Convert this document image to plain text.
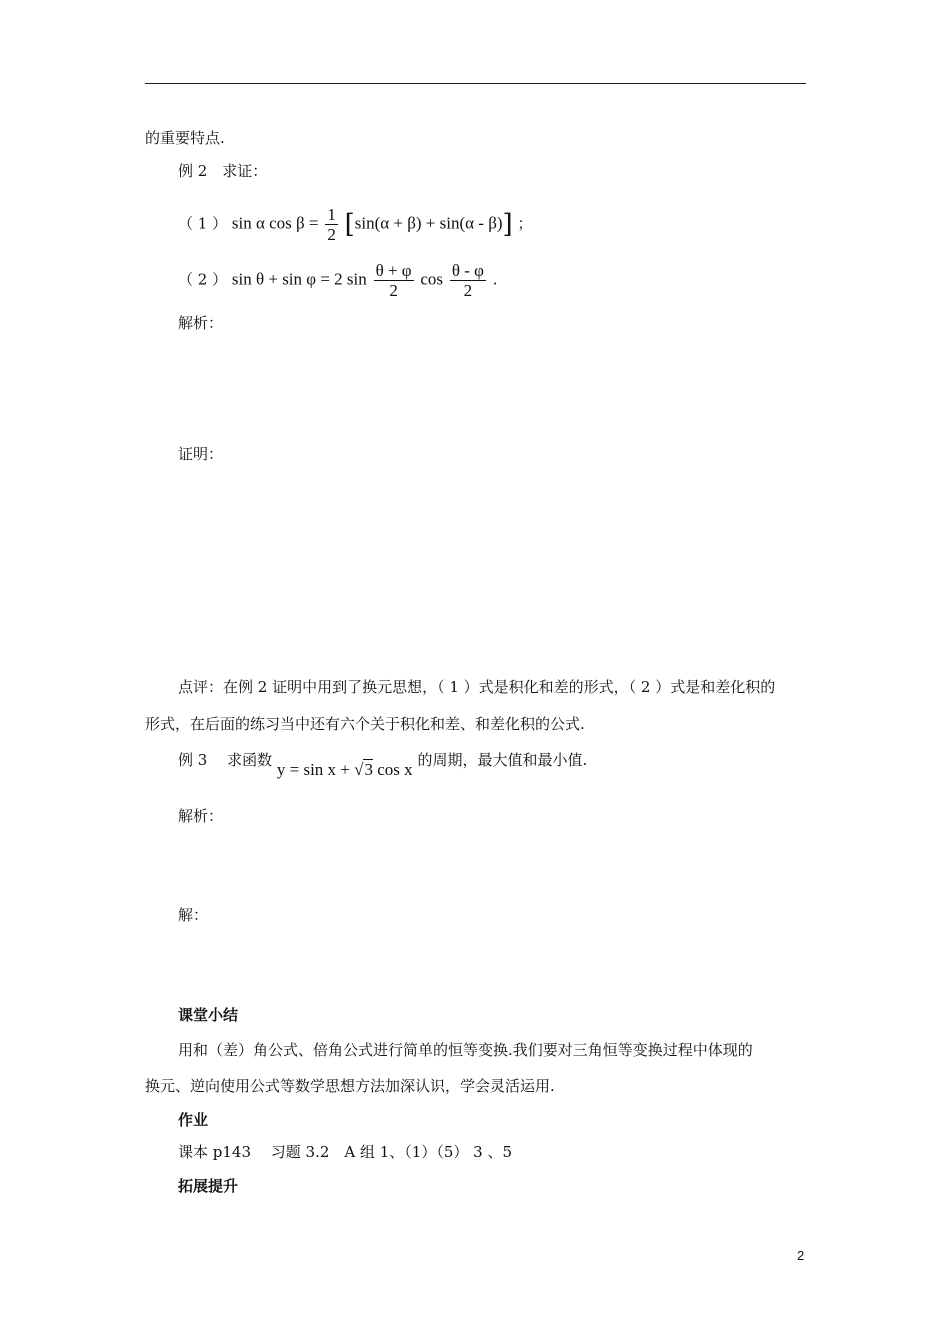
的重要特点.
例 2　求证：
（ 1 ） sin α $\cos \beta = \frac{1}{2} [\sin(\alpha + \beta) + \sin(\alpha - \beta)]$ ；
（ 2 ） sin θ + sin φ = 2 $\sin \frac{\theta + \varphi}{2}$ $\cos \frac{\theta - \varphi}{2}$ .
解析：
证明：
点评：在例 2 证明中用到了换元思想，（ 1 ）式是积化和差的形式，（ 2 ）式是和差化积的
形式，在后面的练习当中还有六个关于积化和差、和差化积的公式.
例 3　 求函数 y = sin x + √3 cos x 的周期，最大值和最小值.
解析：
解：
课堂小结
用和（差）角公式、倍角公式进行简单的恒等变换.我们要对三角恒等变换过程中体现的
换元、逆向使用公式等数学思想方法加深认识，学会灵活运用.
作业
课本 p143　 习题 3.2　A 组 1、（1）（5） 3 、5
拓展提升
2
